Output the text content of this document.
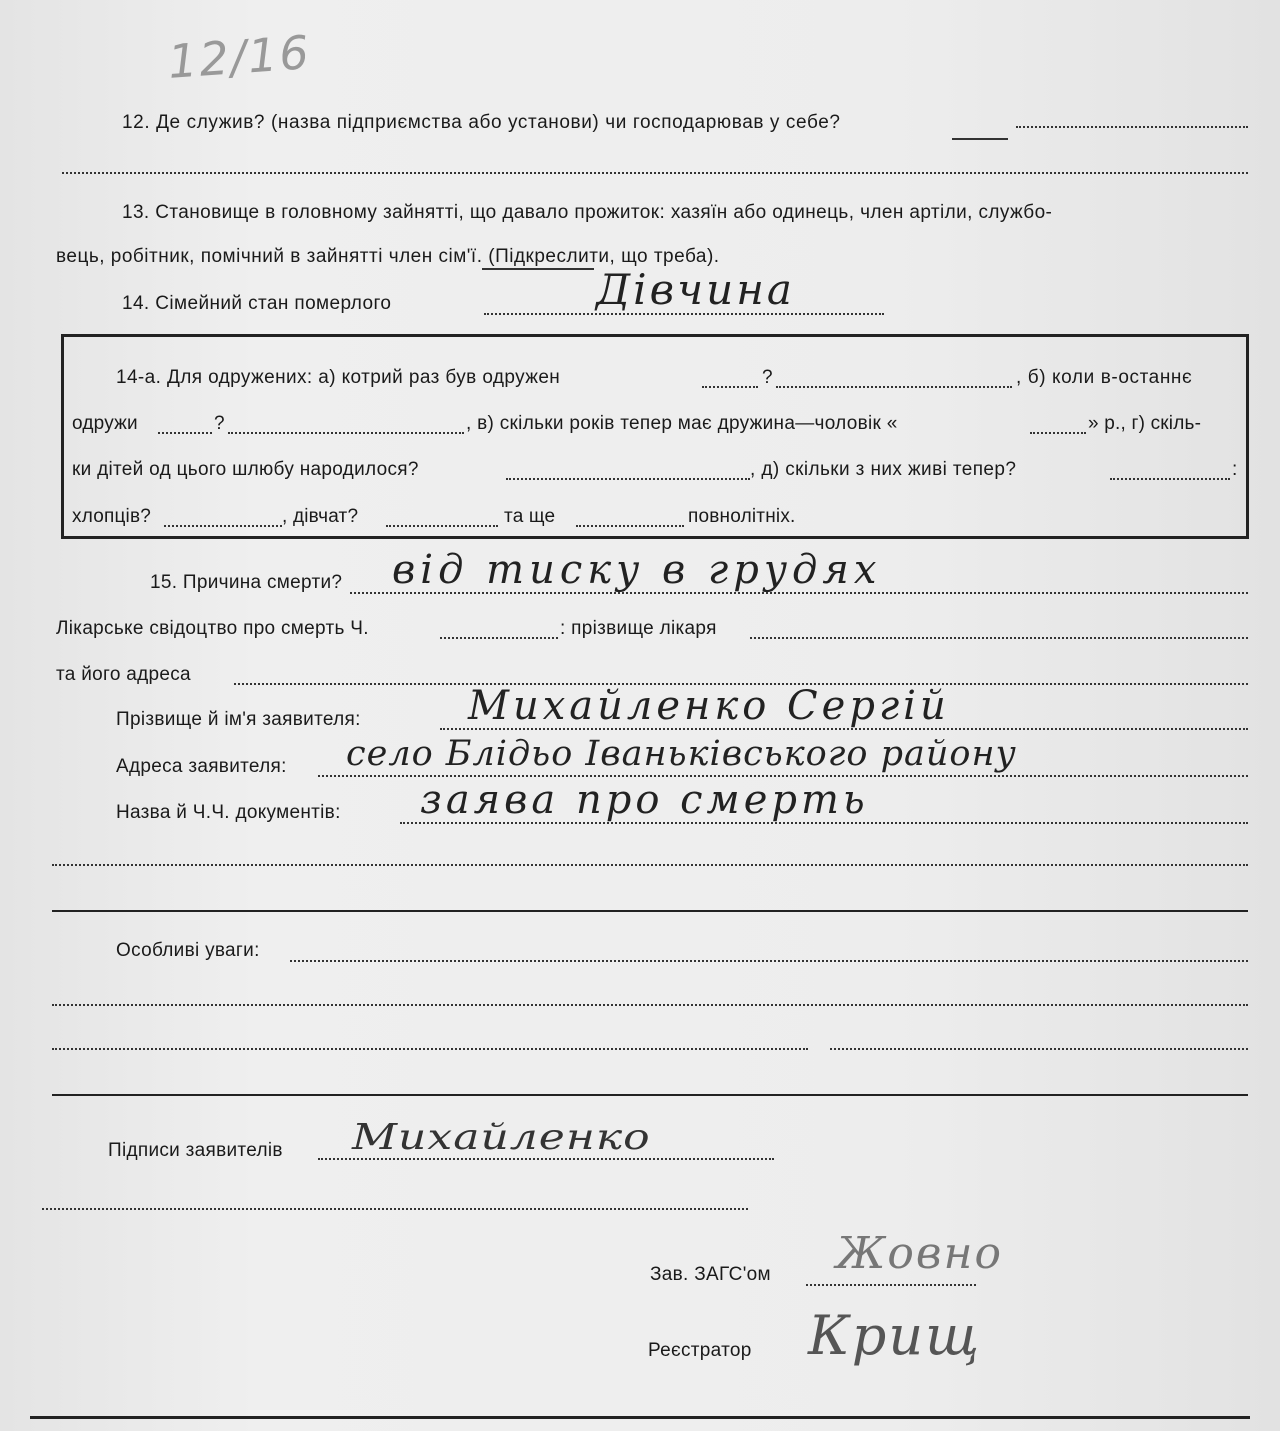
12/16
12. Де служив? (назва підприємства або установи) чи господарював у себе?
13. Становище в головному зайнятті, що давало прожиток: хазяїн або одинець, член артіли, службо-
вець, робітник, помічний в зайнятті член сім'ї. (Підкреслити, що треба).
14. Сімейний стан померлого	Дівчина
14-а. Для одружених: а) котрий раз був одружен	?	, б) коли в-останнє
одружи	?	, в) скільки років тепер має дружина—чоловік «	» р., г) скіль-
ки дітей од цього шлюбу народилося?	, д) скільки з них живі тепер?	:
хлопців?	, дівчат?	та ще	повнолітніх.
15. Причина смерти? від тиску в грудях
Лікарське свідоцтво про смерть Ч.	: прізвище лікаря
та його адреса
Прізвище й ім'я заявителя:	Михайленко Сергій
Адреса заявителя: село Блідьо Іваньківського району
Назва й Ч.Ч. документів: заява про смерть
Особливі уваги:
Підписи заявителів Михайленко
Зав. ЗАГС'ом Жовно
Реєстратор Крищ
